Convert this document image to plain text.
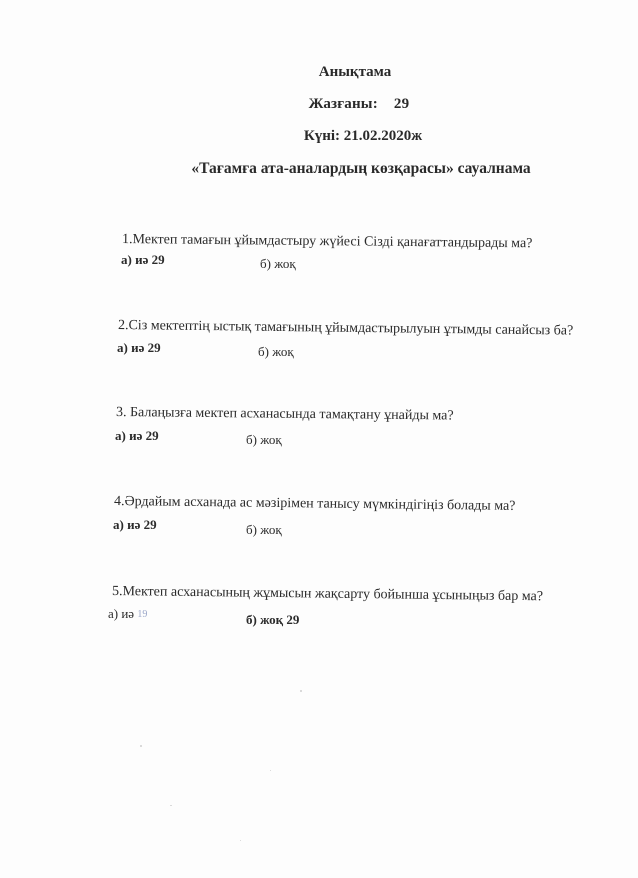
Анықтама
Жазғаны: 29
Күні: 21.02.2020ж
«Тағамға ата-аналардың көзқарасы» сауалнама
1.Мектеп тамағын ұйымдастыру жүйесі Сізді қанағаттандырады ма?
а) иә 29	б) жоқ
2.Сіз мектептің ыстық тамағының ұйымдастырылуын ұтымды санайсыз ба?
а) иә 29	б) жоқ
3. Балаңызға мектеп асханасында тамақтану ұнайды ма?
а) иә 29	б) жоқ
4.Әрдайым асханада ас мәзірімен танысу мүмкіндігіңіз болады ма?
а) иә 29	б) жоқ
5.Мектеп асханасының жұмысын жақсарту бойынша ұсыныңыз бар ма?
а) иә 19	б) жоқ 29
